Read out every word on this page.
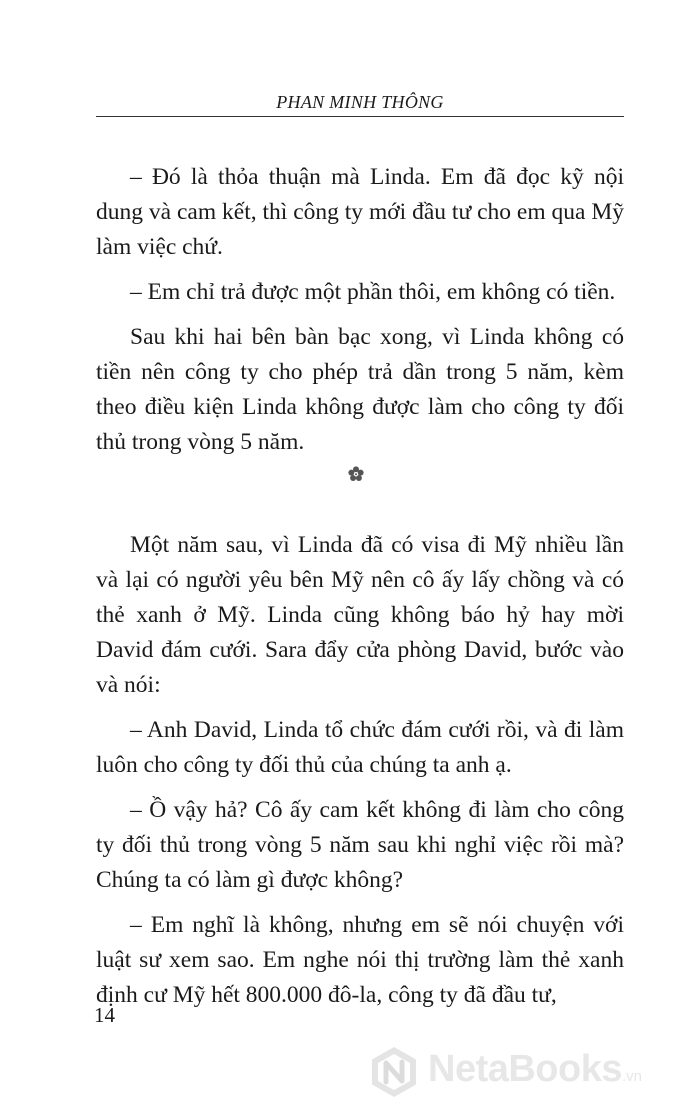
PHAN MINH THÔNG

– Đó là thỏa thuận mà Linda. Em đã đọc kỹ nội dung và cam kết, thì công ty mới đầu tư cho em qua Mỹ làm việc chứ.

– Em chỉ trả được một phần thôi, em không có tiền.

Sau khi hai bên bàn bạc xong, vì Linda không có tiền nên công ty cho phép trả dần trong 5 năm, kèm theo điều kiện Linda không được làm cho công ty đối thủ trong vòng 5 năm.

Một năm sau, vì Linda đã có visa đi Mỹ nhiều lần và lại có người yêu bên Mỹ nên cô ấy lấy chồng và có thẻ xanh ở Mỹ. Linda cũng không báo hỷ hay mời David đám cưới. Sara đẩy cửa phòng David, bước vào và nói:

– Anh David, Linda tổ chức đám cưới rồi, và đi làm luôn cho công ty đối thủ của chúng ta anh ạ.

– Ồ vậy hả? Cô ấy cam kết không đi làm cho công ty đối thủ trong vòng 5 năm sau khi nghỉ việc rồi mà? Chúng ta có làm gì được không?

– Em nghĩ là không, nhưng em sẽ nói chuyện với luật sư xem sao. Em nghe nói thị trường làm thẻ xanh định cư Mỹ hết 800.000 đô-la, công ty đã đầu tư,

14
NetaBooks.vn
